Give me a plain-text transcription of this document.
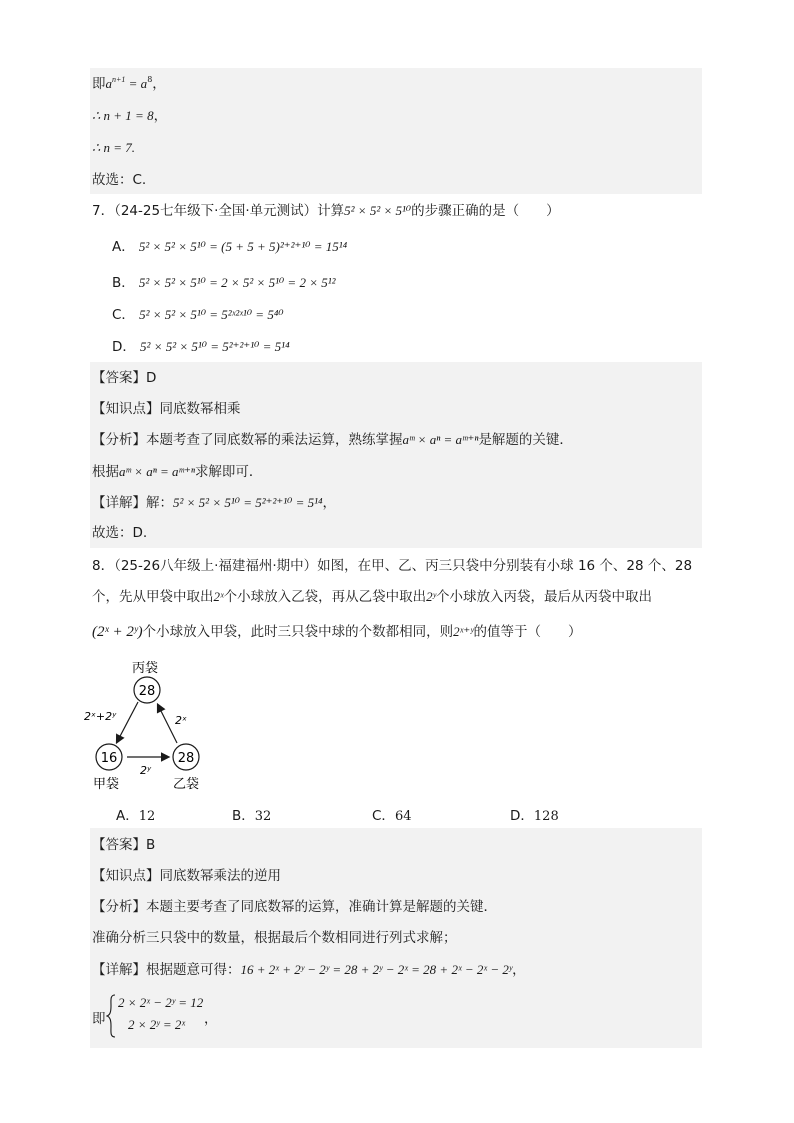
即$a^{n+1} = a^8$，
∴ n + 1 = 8，
∴ n = 7.
故选：C.
7．（24-25七年级下·全国·单元测试）计算5² × 5² × 5¹⁰的步骤正确的是（　　）
A． 5² × 5² × 5¹⁰ = (5 + 5 + 5)²⁺²⁺¹⁰ = 15¹⁴
B． 5² × 5² × 5¹⁰ = 2 × 5² × 5¹⁰ = 2 × 5¹²
C． 5² × 5² × 5¹⁰ = 5²ˣ²ˣ¹⁰ = 5⁴⁰
D． 5² × 5² × 5¹⁰ = 5²⁺²⁺¹⁰ = 5¹⁴
【答案】D
【知识点】同底数幂相乘
【分析】本题考查了同底数幂的乘法运算，熟练掌握aᵐ × aⁿ = aᵐ⁺ⁿ是解题的关键．
根据aᵐ × aⁿ = aᵐ⁺ⁿ求解即可．
【详解】解：5² × 5² × 5¹⁰ = 5²⁺²⁺¹⁰ = 5¹⁴，
故选：D.
8．（25-26八年级上·福建福州·期中）如图，在甲、乙、丙三只袋中分别装有小球 16 个、28 个、28
个，先从甲袋中取出2ˣ个小球放入乙袋，再从乙袋中取出2ʸ个小球放入丙袋，最后从丙袋中取出
(2ˣ + 2ʸ)个小球放入甲袋，此时三只袋中球的个数都相同，则2ˣ⁺ʸ的值等于（　　）
丙袋
28
16	28
甲袋	乙袋
2ˣ+2ʸ	2ˣ
2ʸ
A．12	B．32	C．64	D．128
【答案】B
【知识点】同底数幂乘法的逆用
【分析】本题主要考查了同底数幂的运算，准确计算是解题的关键．
准确分析三只袋中的数量，根据最后个数相同进行列式求解；
【详解】根据题意可得：16 + 2ˣ + 2ʸ − 2ʸ = 28 + 2ʸ − 2ˣ = 28 + 2ˣ − 2ˣ − 2ʸ，
即
2 × 2ˣ − 2ʸ = 12
2 × 2ʸ = 2ˣ ，
